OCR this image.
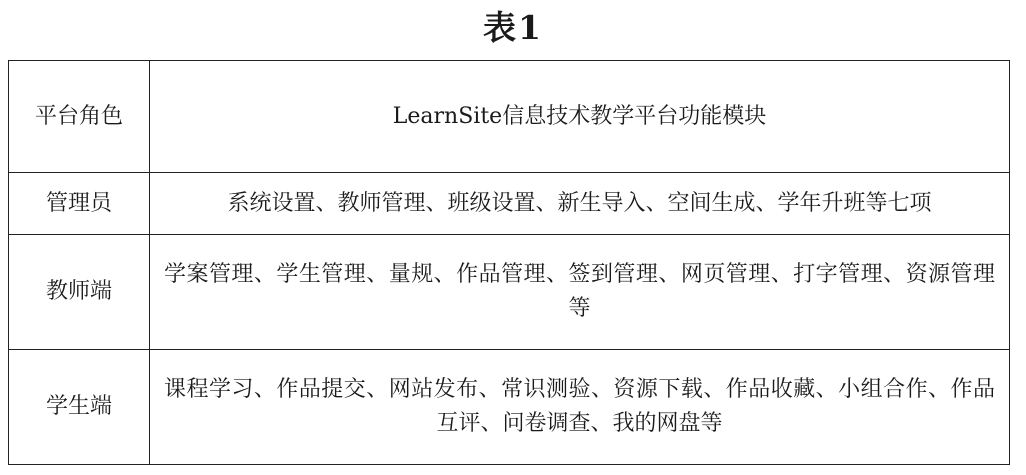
表1
平台角色	LearnSite信息技术教学平台功能模块
管理员	系统设置、教师管理、班级设置、新生导入、空间生成、学年升班等七项
教师端	学案管理、学生管理、量规、作品管理、签到管理、网页管理、打字管理、资源管理等
学生端	课程学习、作品提交、网站发布、常识测验、资源下载、作品收藏、小组合作、作品互评、问卷调查、我的网盘等
